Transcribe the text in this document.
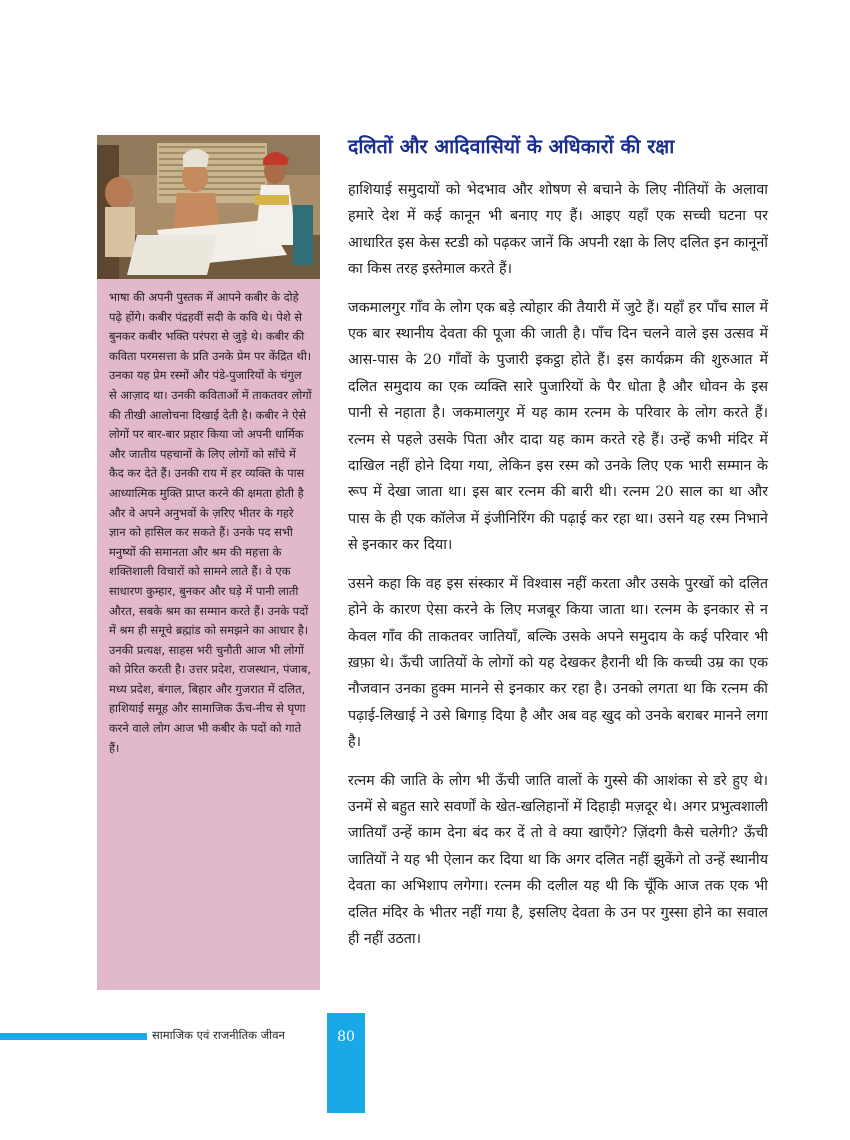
भाषा की अपनी पुस्तक में आपने कबीर के दोहे पढ़े होंगे। कबीर पंद्रहवीं सदी के कवि थे। पेशे से बुनकर कबीर भक्ति परंपरा से जुड़े थे। कबीर की कविता परमसत्ता के प्रति उनके प्रेम पर केंद्रित थी। उनका यह प्रेम रस्मों और पंडे-पुजारियों के चंगुल से आज़ाद था। उनकी कविताओं में ताकतवर लोगों की तीखी आलोचना दिखाई देती है। कबीर ने ऐसे लोगों पर बार-बार प्रहार किया जो अपनी धार्मिक और जातीय पहचानों के लिए लोगों को साँचे में कैद कर देते हैं। उनकी राय में हर व्यक्ति के पास आध्यात्मिक मुक्ति प्राप्त करने की क्षमता होती है और वे अपने अनुभवों के ज़रिए भीतर के गहरे ज्ञान को हासिल कर सकते हैं। उनके पद सभी मनुष्यों की समानता और श्रम की महत्ता के शक्तिशाली विचारों को सामने लाते हैं। वे एक साधारण कुम्हार, बुनकर और घड़े में पानी लाती औरत, सबके श्रम का सम्मान करते हैं। उनके पदों में श्रम ही समूचे ब्रह्मांड को समझने का आधार है। उनकी प्रत्यक्ष, साहस भरी चुनौती आज भी लोगों को प्रेरित करती है। उत्तर प्रदेश, राजस्थान, पंजाब, मध्य प्रदेश, बंगाल, बिहार और गुजरात में दलित, हाशियाई समूह और सामाजिक ऊँच-नीच से घृणा करने वाले लोग आज भी कबीर के पदों को गाते हैं।

दलितों और आदिवासियों के अधिकारों की रक्षा

हाशियाई समुदायों को भेदभाव और शोषण से बचाने के लिए नीतियों के अलावा हमारे देश में कई कानून भी बनाए गए हैं। आइए यहाँ एक सच्ची घटना पर आधारित इस केस स्टडी को पढ़कर जानें कि अपनी रक्षा के लिए दलित इन कानूनों का किस तरह इस्तेमाल करते हैं।

जकमालगुर गाँव के लोग एक बड़े त्योहार की तैयारी में जुटे हैं। यहाँ हर पाँच साल में एक बार स्थानीय देवता की पूजा की जाती है। पाँच दिन चलने वाले इस उत्सव में आस-पास के 20 गाँवों के पुजारी इकट्ठा होते हैं। इस कार्यक्रम की शुरुआत में दलित समुदाय का एक व्यक्ति सारे पुजारियों के पैर धोता है और धोवन के इस पानी से नहाता है। जकमालगुर में यह काम रत्नम के परिवार के लोग करते हैं। रत्नम से पहले उसके पिता और दादा यह काम करते रहे हैं। उन्हें कभी मंदिर में दाखिल नहीं होने दिया गया, लेकिन इस रस्म को उनके लिए एक भारी सम्मान के रूप में देखा जाता था। इस बार रत्नम की बारी थी। रत्नम 20 साल का था और पास के ही एक कॉलेज में इंजीनिरिंग की पढ़ाई कर रहा था। उसने यह रस्म निभाने से इनकार कर दिया।

उसने कहा कि वह इस संस्कार में विश्वास नहीं करता और उसके पुरखों को दलित होने के कारण ऐसा करने के लिए मजबूर किया जाता था। रत्नम के इनकार से न केवल गाँव की ताकतवर जातियाँ, बल्कि उसके अपने समुदाय के कई परिवार भी ख़फ़ा थे। ऊँची जातियों के लोगों को यह देखकर हैरानी थी कि कच्ची उम्र का एक नौजवान उनका हुक्म मानने से इनकार कर रहा है। उनको लगता था कि रत्नम की पढ़ाई-लिखाई ने उसे बिगाड़ दिया है और अब वह खुद को उनके बराबर मानने लगा है।

रत्नम की जाति के लोग भी ऊँची जाति वालों के गुस्से की आशंका से डरे हुए थे। उनमें से बहुत सारे सवर्णों के खेत-खलिहानों में दिहाड़ी मज़दूर थे। अगर प्रभुत्वशाली जातियाँ उन्हें काम देना बंद कर दें तो वे क्या खाएँगे? ज़िंदगी कैसे चलेगी? ऊँची जातियों ने यह भी ऐलान कर दिया था कि अगर दलित नहीं झुकेंगे तो उन्हें स्थानीय देवता का अभिशाप लगेगा। रत्नम की दलील यह थी कि चूँकि आज तक एक भी दलित मंदिर के भीतर नहीं गया है, इसलिए देवता के उन पर गुस्सा होने का सवाल ही नहीं उठता।

सामाजिक एवं राजनीतिक जीवन	80
